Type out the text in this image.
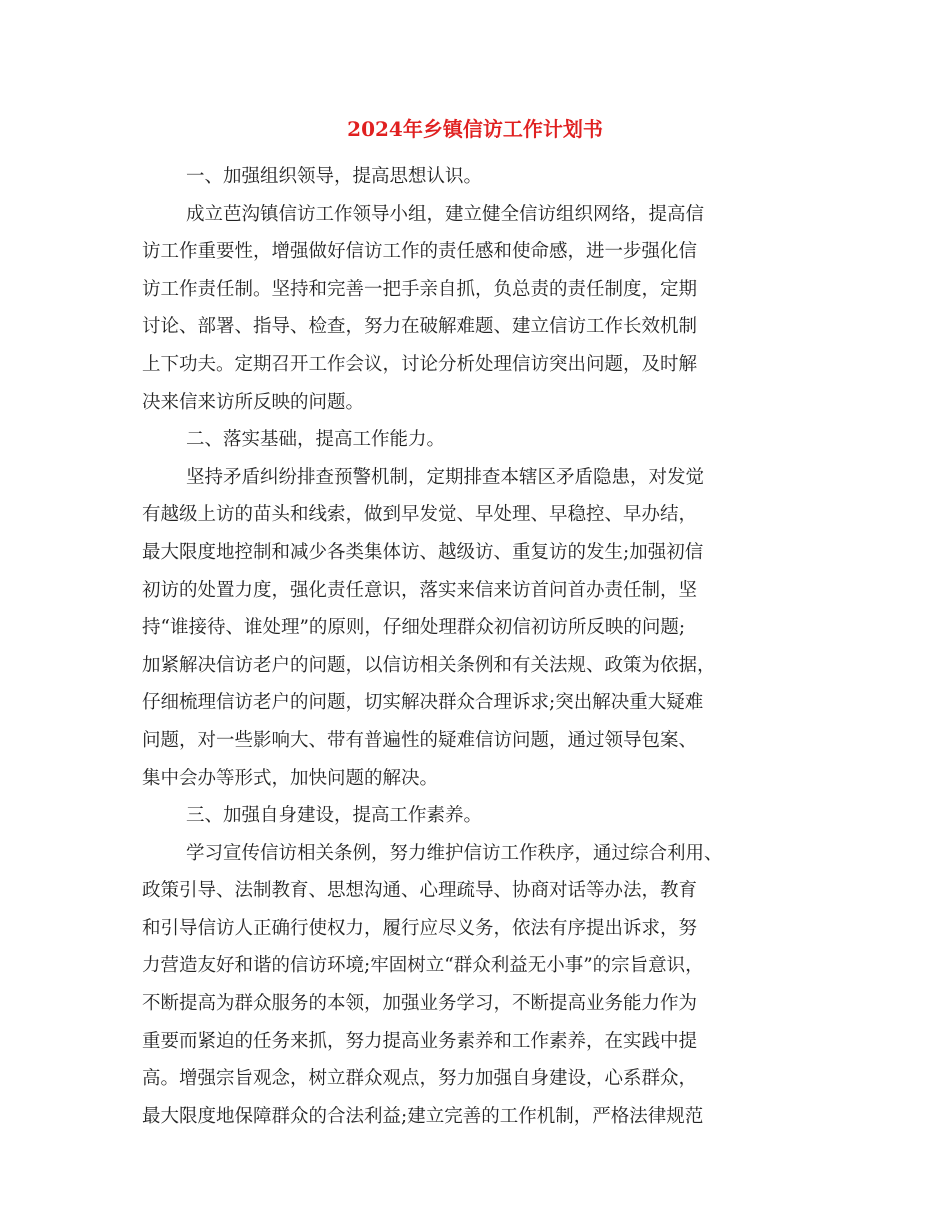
2024年乡镇信访工作计划书
一、加强组织领导，提高思想认识。
成立芭沟镇信访工作领导小组，建立健全信访组织网络，提高信
访工作重要性，增强做好信访工作的责任感和使命感，进一步强化信
访工作责任制。坚持和完善一把手亲自抓，负总责的责任制度，定期
讨论、部署、指导、检查，努力在破解难题、建立信访工作长效机制
上下功夫。定期召开工作会议，讨论分析处理信访突出问题，及时解
决来信来访所反映的问题。
二、落实基础，提高工作能力。
坚持矛盾纠纷排查预警机制，定期排查本辖区矛盾隐患，对发觉
有越级上访的苗头和线索，做到早发觉、早处理、早稳控、早办结，
最大限度地控制和减少各类集体访、越级访、重复访的发生;加强初信
初访的处置力度，强化责任意识，落实来信来访首问首办责任制，坚
持“谁接待、谁处理”的原则，仔细处理群众初信初访所反映的问题;
加紧解决信访老户的问题，以信访相关条例和有关法规、政策为依据，
仔细梳理信访老户的问题，切实解决群众合理诉求;突出解决重大疑难
问题，对一些影响大、带有普遍性的疑难信访问题，通过领导包案、
集中会办等形式，加快问题的解决。
三、加强自身建设，提高工作素养。
学习宣传信访相关条例，努力维护信访工作秩序，通过综合利用、
政策引导、法制教育、思想沟通、心理疏导、协商对话等办法，教育
和引导信访人正确行使权力，履行应尽义务，依法有序提出诉求，努
力营造友好和谐的信访环境;牢固树立“群众利益无小事”的宗旨意识，
不断提高为群众服务的本领，加强业务学习，不断提高业务能力作为
重要而紧迫的任务来抓，努力提高业务素养和工作素养，在实践中提
高。增强宗旨观念，树立群众观点，努力加强自身建设，心系群众，
最大限度地保障群众的合法利益;建立完善的工作机制，严格法律规范
